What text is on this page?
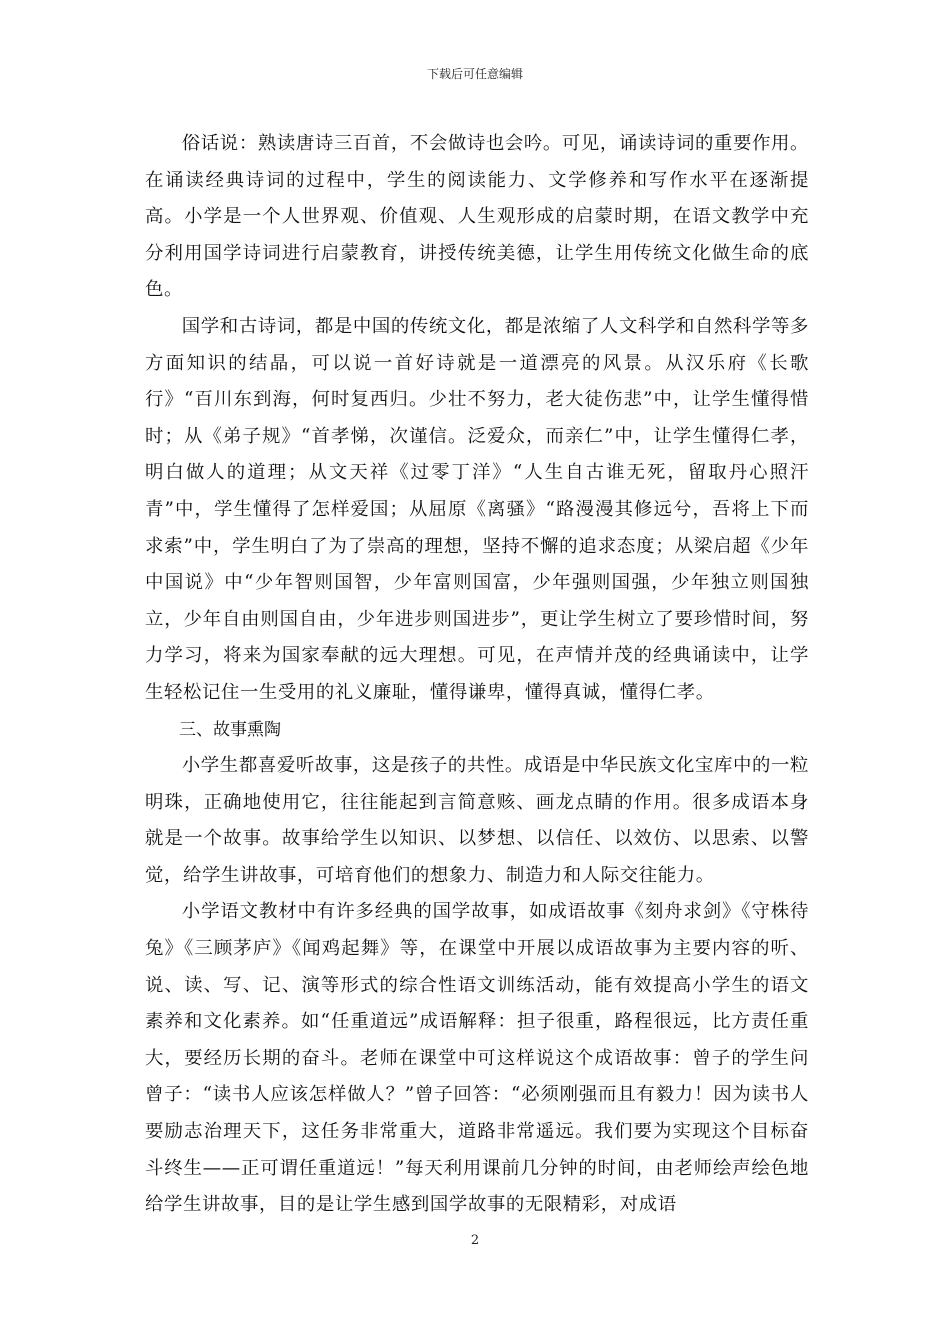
下载后可任意编辑

俗话说：熟读唐诗三百首，不会做诗也会吟。可见，诵读诗词的重要作用。在诵读经典诗词的过程中，学生的阅读能力、文学修养和写作水平在逐渐提高。小学是一个人世界观、价值观、人生观形成的启蒙时期，在语文教学中充分利用国学诗词进行启蒙教育，讲授传统美德，让学生用传统文化做生命的底色。

国学和古诗词，都是中国的传统文化，都是浓缩了人文科学和自然科学等多方面知识的结晶，可以说一首好诗就是一道漂亮的风景。从汉乐府《长歌行》“百川东到海，何时复西归。少壮不努力，老大徒伤悲”中，让学生懂得惜时；从《弟子规》“首孝悌，次谨信。泛爱众，而亲仁”中，让学生懂得仁孝，明白做人的道理；从文天祥《过零丁洋》“人生自古谁无死，留取丹心照汗青”中，学生懂得了怎样爱国；从屈原《离骚》“路漫漫其修远兮，吾将上下而求索”中，学生明白了为了崇高的理想，坚持不懈的追求态度；从梁启超《少年中国说》中“少年智则国智，少年富则国富，少年强则国强，少年独立则国独立，少年自由则国自由，少年进步则国进步”，更让学生树立了要珍惜时间，努力学习，将来为国家奉献的远大理想。可见，在声情并茂的经典诵读中，让学生轻松记住一生受用的礼义廉耻，懂得谦卑，懂得真诚，懂得仁孝。

三、故事熏陶

小学生都喜爱听故事，这是孩子的共性。成语是中华民族文化宝库中的一粒明珠，正确地使用它，往往能起到言简意赅、画龙点睛的作用。很多成语本身就是一个故事。故事给学生以知识、以梦想、以信任、以效仿、以思索、以警觉，给学生讲故事，可培育他们的想象力、制造力和人际交往能力。

小学语文教材中有许多经典的国学故事，如成语故事《刻舟求剑》《守株待兔》《三顾茅庐》《闻鸡起舞》等，在课堂中开展以成语故事为主要内容的听、说、读、写、记、演等形式的综合性语文训练活动，能有效提高小学生的语文素养和文化素养。如“任重道远”成语解释：担子很重，路程很远，比方责任重大，要经历长期的奋斗。老师在课堂中可这样说这个成语故事：曾子的学生问曾子：“读书人应该怎样做人？”曾子回答：“必须刚强而且有毅力！因为读书人要励志治理天下，这任务非常重大，道路非常遥远。我们要为实现这个目标奋斗终生——正可谓任重道远！”每天利用课前几分钟的时间，由老师绘声绘色地给学生讲故事，目的是让学生感到国学故事的无限精彩，对成语

2
